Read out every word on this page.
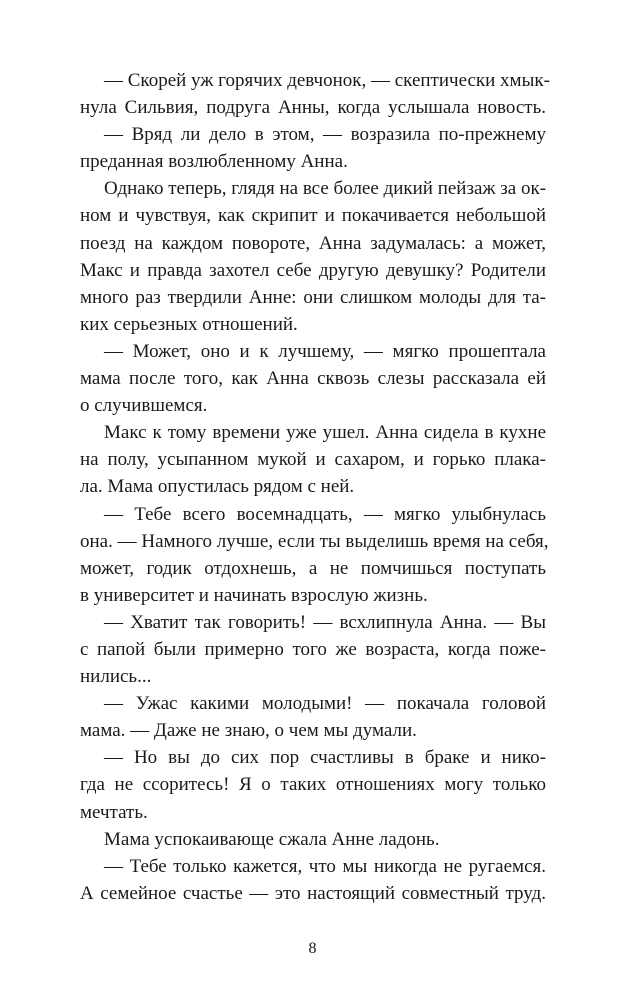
— Скорей уж горячих девчонок, — скептически хмык-
нула Сильвия, подруга Анны, когда услышала новость.
— Вряд ли дело в этом, — возразила по-прежнему
преданная возлюбленному Анна.
Однако теперь, глядя на все более дикий пейзаж за ок-
ном и чувствуя, как скрипит и покачивается небольшой
поезд на каждом повороте, Анна задумалась: а может,
Макс и правда захотел себе другую девушку? Родители
много раз твердили Анне: они слишком молоды для та-
ких серьезных отношений.
— Может, оно и к лучшему, — мягко прошептала
мама после того, как Анна сквозь слезы рассказала ей
о случившемся.
Макс к тому времени уже ушел. Анна сидела в кухне
на полу, усыпанном мукой и сахаром, и горько плака-
ла. Мама опустилась рядом с ней.
— Тебе всего восемнадцать, — мягко улыбнулась
она. — Намного лучше, если ты выделишь время на себя,
может, годик отдохнешь, а не помчишься поступать
в университет и начинать взрослую жизнь.
— Хватит так говорить! — всхлипнула Анна. — Вы
с папой были примерно того же возраста, когда поже-
нились...
— Ужас какими молодыми! — покачала головой
мама. — Даже не знаю, о чем мы думали.
— Но вы до сих пор счастливы в браке и нико-
гда не ссоритесь! Я о таких отношениях могу только
мечтать.
Мама успокаивающе сжала Анне ладонь.
— Тебе только кажется, что мы никогда не ругаемся.
А семейное счастье — это настоящий совместный труд.
8
